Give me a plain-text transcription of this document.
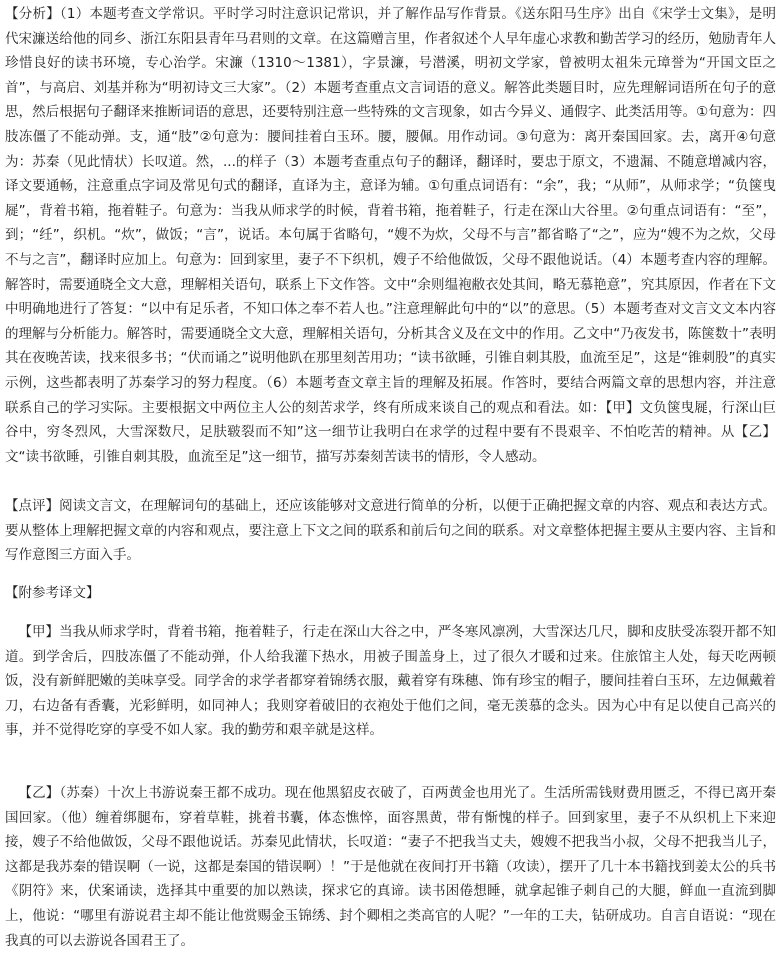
【分析】（1）本题考查文学常识。平时学习时注意识记常识，并了解作品写作背景。《送东阳马生序》出自《宋学士文集》，是明代宋濂送给他的同乡、浙江东阳县青年马君则的文章。在这篇赠言里，作者叙述个人早年虚心求教和勤苦学习的经历，勉励青年人珍惜良好的读书环境，专心治学。宋濂（1310～1381），字景濂，号潜溪，明初文学家，曾被明太祖朱元璋誉为“开国文臣之首”，与高启、刘基并称为“明初诗文三大家”。（2）本题考查重点文言词语的意义。解答此类题目时，应先理解词语所在句子的意思，然后根据句子翻译来推断词语的意思，还要特别注意一些特殊的文言现象，如古今异义、通假字、此类活用等。①句意为：四肢冻僵了不能动弹。支，通“肢”②句意为：腰间挂着白玉环。腰，腰佩。用作动词。③句意为：离开秦国回家。去，离开④句意为：苏秦（见此情状）长叹道。然，...的样子（3）本题考查重点句子的翻译，翻译时，要忠于原文，不遗漏、不随意增减内容，译文要通畅，注意重点字词及常见句式的翻译，直译为主，意译为辅。①句重点词语有：“余”，我；“从师”，从师求学；“负箧曳屣”，背着书箱，拖着鞋子。句意为：当我从师求学的时候，背着书箱，拖着鞋子，行走在深山大谷里。②句重点词语有：“至”，到；“纴”，织机。“炊”，做饭；“言”，说话。本句属于省略句，“嫂不为炊，父母不与言”都省略了“之”，应为“嫂不为之炊，父母不与之言”，翻译时应加上。句意为：回到家里，妻子不下织机，嫂子不给他做饭，父母不跟他说话。（4）本题考查内容的理解。解答时，需要通晓全文大意，理解相关语句，联系上下文作答。文中“余则缊袍敝衣处其间，略无慕艳意”，究其原因，作者在下文中明确地进行了答复：“以中有足乐者，不知口体之奉不若人也。”注意理解此句中的“以”的意思。（5）本题考查对文言文文本内容的理解与分析能力。解答时，需要通晓全文大意，理解相关语句，分析其含义及在文中的作用。乙文中“乃夜发书，陈箧数十”表明其在夜晚苦读，找来很多书；“伏而诵之”说明他趴在那里刻苦用功；“读书欲睡，引锥自刺其股，血流至足”，这是“锥刺股”的真实示例，这些都表明了苏秦学习的努力程度。（6）本题考查文章主旨的理解及拓展。作答时，要结合两篇文章的思想内容，并注意联系自己的学习实际。主要根据文中两位主人公的刻苦求学，终有所成来谈自己的观点和看法。如：【甲】文负箧曳屣，行深山巨谷中，穷冬烈风，大雪深数尺，足肤皲裂而不知”这一细节让我明白在求学的过程中要有不畏艰辛、不怕吃苦的精神。从【乙】文“读书欲睡，引锥自刺其股，血流至足”这一细节，描写苏秦刻苦读书的情形，令人感动。

【点评】阅读文言文，在理解词句的基础上，还应该能够对文意进行简单的分析，以便于正确把握文章的内容、观点和表达方式。要从整体上理解把握文章的内容和观点，要注意上下文之间的联系和前后句之间的联系。对文章整体把握主要从主要内容、主旨和写作意图三方面入手。

【附参考译文】

【甲】当我从师求学时，背着书箱，拖着鞋子，行走在深山大谷之中，严冬寒风凛冽，大雪深达几尺，脚和皮肤受冻裂开都不知道。到学舍后，四肢冻僵了不能动弹，仆人给我灌下热水，用被子围盖身上，过了很久才暖和过来。住旅馆主人处，每天吃两顿饭，没有新鲜肥嫩的美味享受。同学舍的求学者都穿着锦绣衣服，戴着穿有珠穗、饰有珍宝的帽子，腰间挂着白玉环，左边佩戴着刀，右边备有香囊，光彩鲜明，如同神人；我则穿着破旧的衣袍处于他们之间，毫无羡慕的念头。因为心中有足以使自己高兴的事，并不觉得吃穿的享受不如人家。我的勤劳和艰辛就是这样。

【乙】（苏秦）十次上书游说秦王都不成功。现在他黑貂皮衣破了，百两黄金也用光了。生活所需钱财费用匮乏，不得已离开秦国回家。（他）缠着绑腿布，穿着草鞋，挑着书囊，体态憔悴，面容黑黄，带有惭愧的样子。回到家里，妻子不从织机上下来迎接，嫂子不给他做饭，父母不跟他说话。苏秦见此情状，长叹道：“妻子不把我当丈夫，嫂嫂不把我当小叔，父母不把我当儿子，这都是我苏秦的错误啊（一说，这都是秦国的错误啊）！”于是他就在夜间打开书籍（攻读），摆开了几十本书籍找到姜太公的兵书《阴符》来，伏案诵读，选择其中重要的加以熟读，探求它的真谛。读书困倦想睡，就拿起锥子刺自己的大腿，鲜血一直流到脚上，他说：“哪里有游说君主却不能让他赏赐金玉锦绣、封个卿相之类高官的人呢？”一年的工夫，钻研成功。自言自语说：“现在我真的可以去游说各国君王了。
